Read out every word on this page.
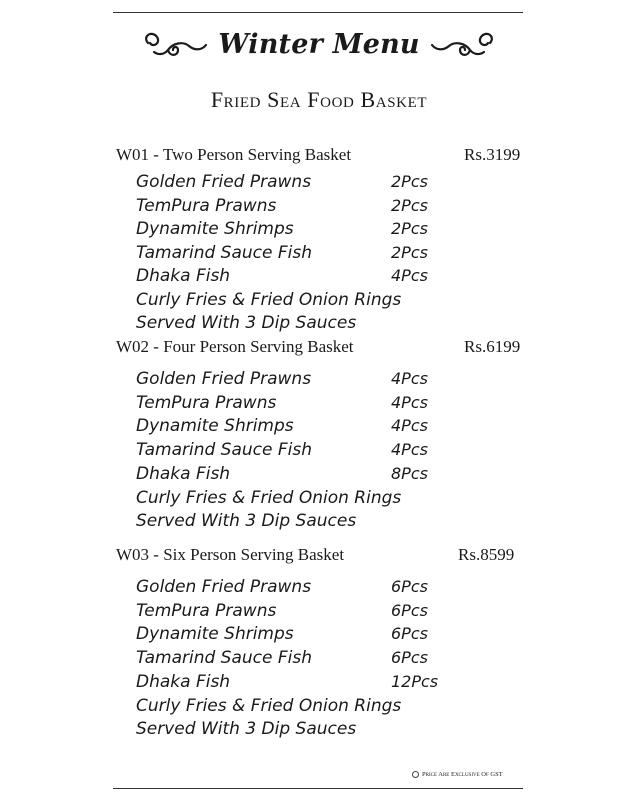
Winter Menu
Fried Sea Food Basket
W01 - Two Person Serving Basket	Rs.3199
Golden Fried Prawns	2Pcs
TemPura Prawns	2Pcs
Dynamite Shrimps	2Pcs
Tamarind Sauce Fish	2Pcs
Dhaka Fish	4Pcs
Curly Fries & Fried Onion Rings
Served With 3 Dip Sauces
W02 - Four Person Serving Basket	Rs.6199
Golden Fried Prawns	4Pcs
TemPura Prawns	4Pcs
Dynamite Shrimps	4Pcs
Tamarind Sauce Fish	4Pcs
Dhaka Fish	8Pcs
Curly Fries & Fried Onion Rings
Served With 3 Dip Sauces
W03 - Six Person Serving Basket	Rs.8599
Golden Fried Prawns	6Pcs
TemPura Prawns	6Pcs
Dynamite Shrimps	6Pcs
Tamarind Sauce Fish	6Pcs
Dhaka Fish	12Pcs
Curly Fries & Fried Onion Rings
Served With 3 Dip Sauces
Price Are Exclusive Of GST
